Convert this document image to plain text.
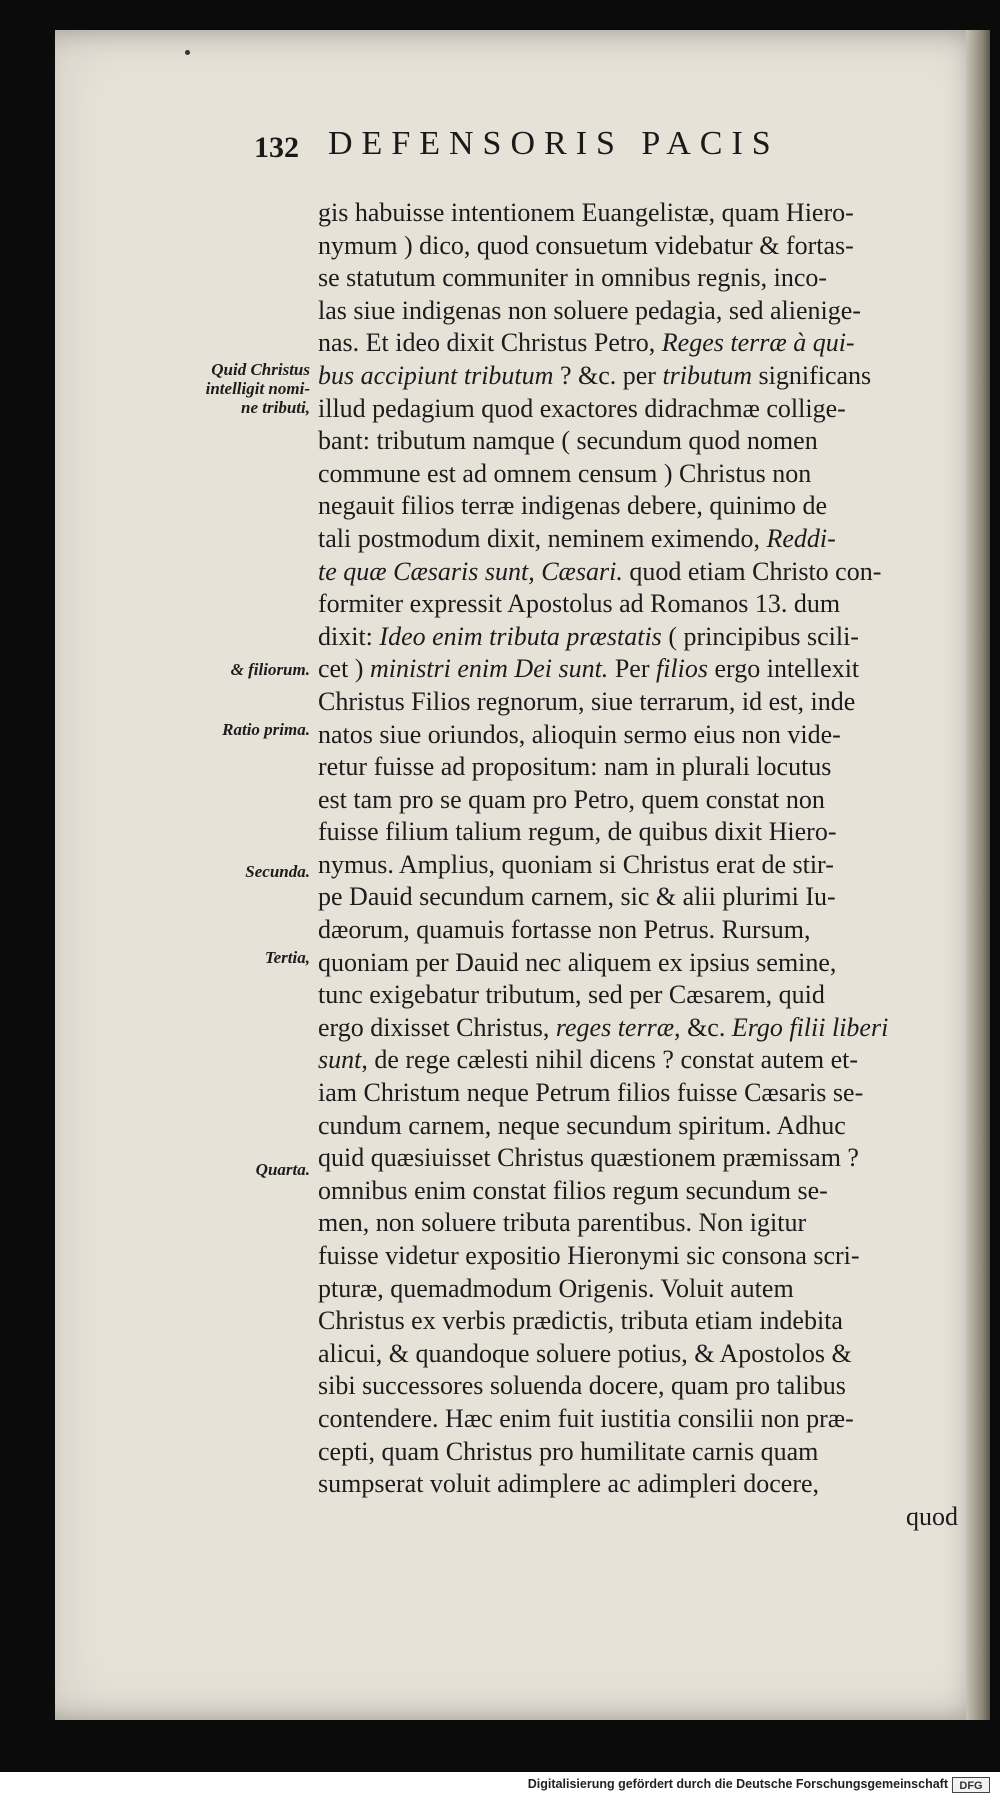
132 DEFENSORIS PACIS
Quid Christus
intelligit nomi-
ne tributi,
& filiorum.
Ratio prima.
Secunda.
Tertia,
Quarta.
gis habuisse intentionem Euangelistæ, quam Hiero-
nymum ) dico, quod consuetum videbatur & fortas-
se statutum communiter in omnibus regnis, inco-
las siue indigenas non soluere pedagia, sed alienige-
nas. Et ideo dixit Christus Petro, Reges terræ à qui-
bus accipiunt tributum ? &c. per tributum significans
illud pedagium quod exactores didrachmæ collige-
bant: tributum namque ( secundum quod nomen
commune est ad omnem censum ) Christus non
negauit filios terræ indigenas debere, quinimo de
tali postmodum dixit, neminem eximendo, Reddi-
te quæ Cæsaris sunt, Cæsari. quod etiam Christo con-
formiter expressit Apostolus ad Romanos 13. dum
dixit: Ideo enim tributa præstatis ( principibus scili-
cet ) ministri enim Dei sunt. Per filios ergo intellexit
Christus Filios regnorum, siue terrarum, id est, inde
natos siue oriundos, alioquin sermo eius non vide-
retur fuisse ad propositum: nam in plurali locutus
est tam pro se quam pro Petro, quem constat non
fuisse filium talium regum, de quibus dixit Hiero-
nymus. Amplius, quoniam si Christus erat de stir-
pe Dauid secundum carnem, sic & alii plurimi Iu-
dæorum, quamuis fortasse non Petrus. Rursum,
quoniam per Dauid nec aliquem ex ipsius semine,
tunc exigebatur tributum, sed per Cæsarem, quid
ergo dixisset Christus, reges terræ, &c. Ergo filii liberi
sunt, de rege cælesti nihil dicens ? constat autem et-
iam Christum neque Petrum filios fuisse Cæsaris se-
cundum carnem, neque secundum spiritum. Adhuc
quid quæsiuisset Christus quæstionem præmissam ?
omnibus enim constat filios regum secundum se-
men, non soluere tributa parentibus. Non igitur
fuisse videtur expositio Hieronymi sic consona scri-
pturæ, quemadmodum Origenis. Voluit autem
Christus ex verbis prædictis, tributa etiam indebita
alicui, & quandoque soluere potius, & Apostolos &
sibi successores soluenda docere, quam pro talibus
contendere. Hæc enim fuit iustitia consilii non præ-
cepti, quam Christus pro humilitate carnis quam
sumpserat voluit adimplere ac adimpleri docere,
quod
Digitalisierung gefördert durch die Deutsche Forschungsgemeinschaft	DFG
